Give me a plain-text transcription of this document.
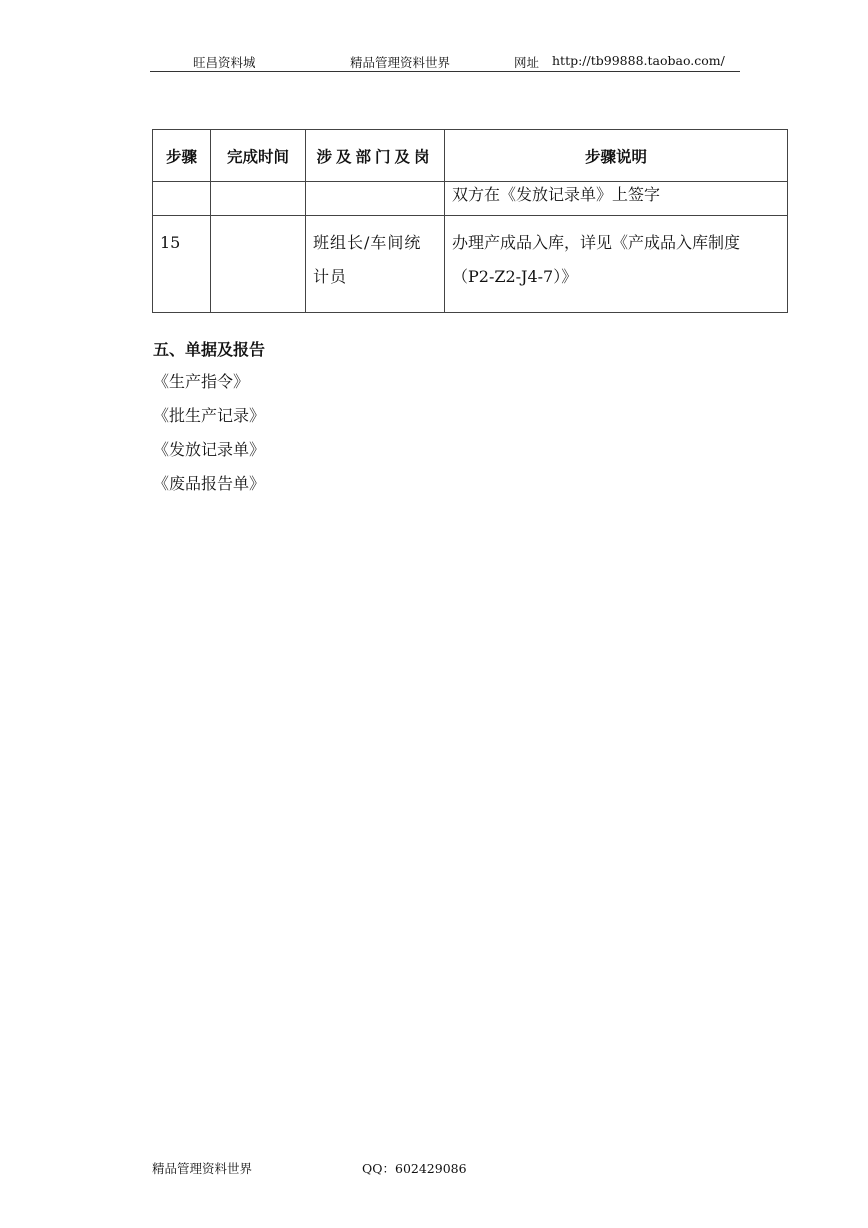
旺昌资料城	精品管理资料世界	网址 http://tb99888.taobao.com/
步骤	完成时间	涉及部门及岗	步骤说明
			双方在《发放记录单》上签字
15		班组长/车间统计员	办理产成品入库，详见《产成品入库制度（P2-Z2-J4-7）》
五、单据及报告
《生产指令》
《批生产记录》
《发放记录单》
《废品报告单》
精品管理资料世界	QQ：602429086
